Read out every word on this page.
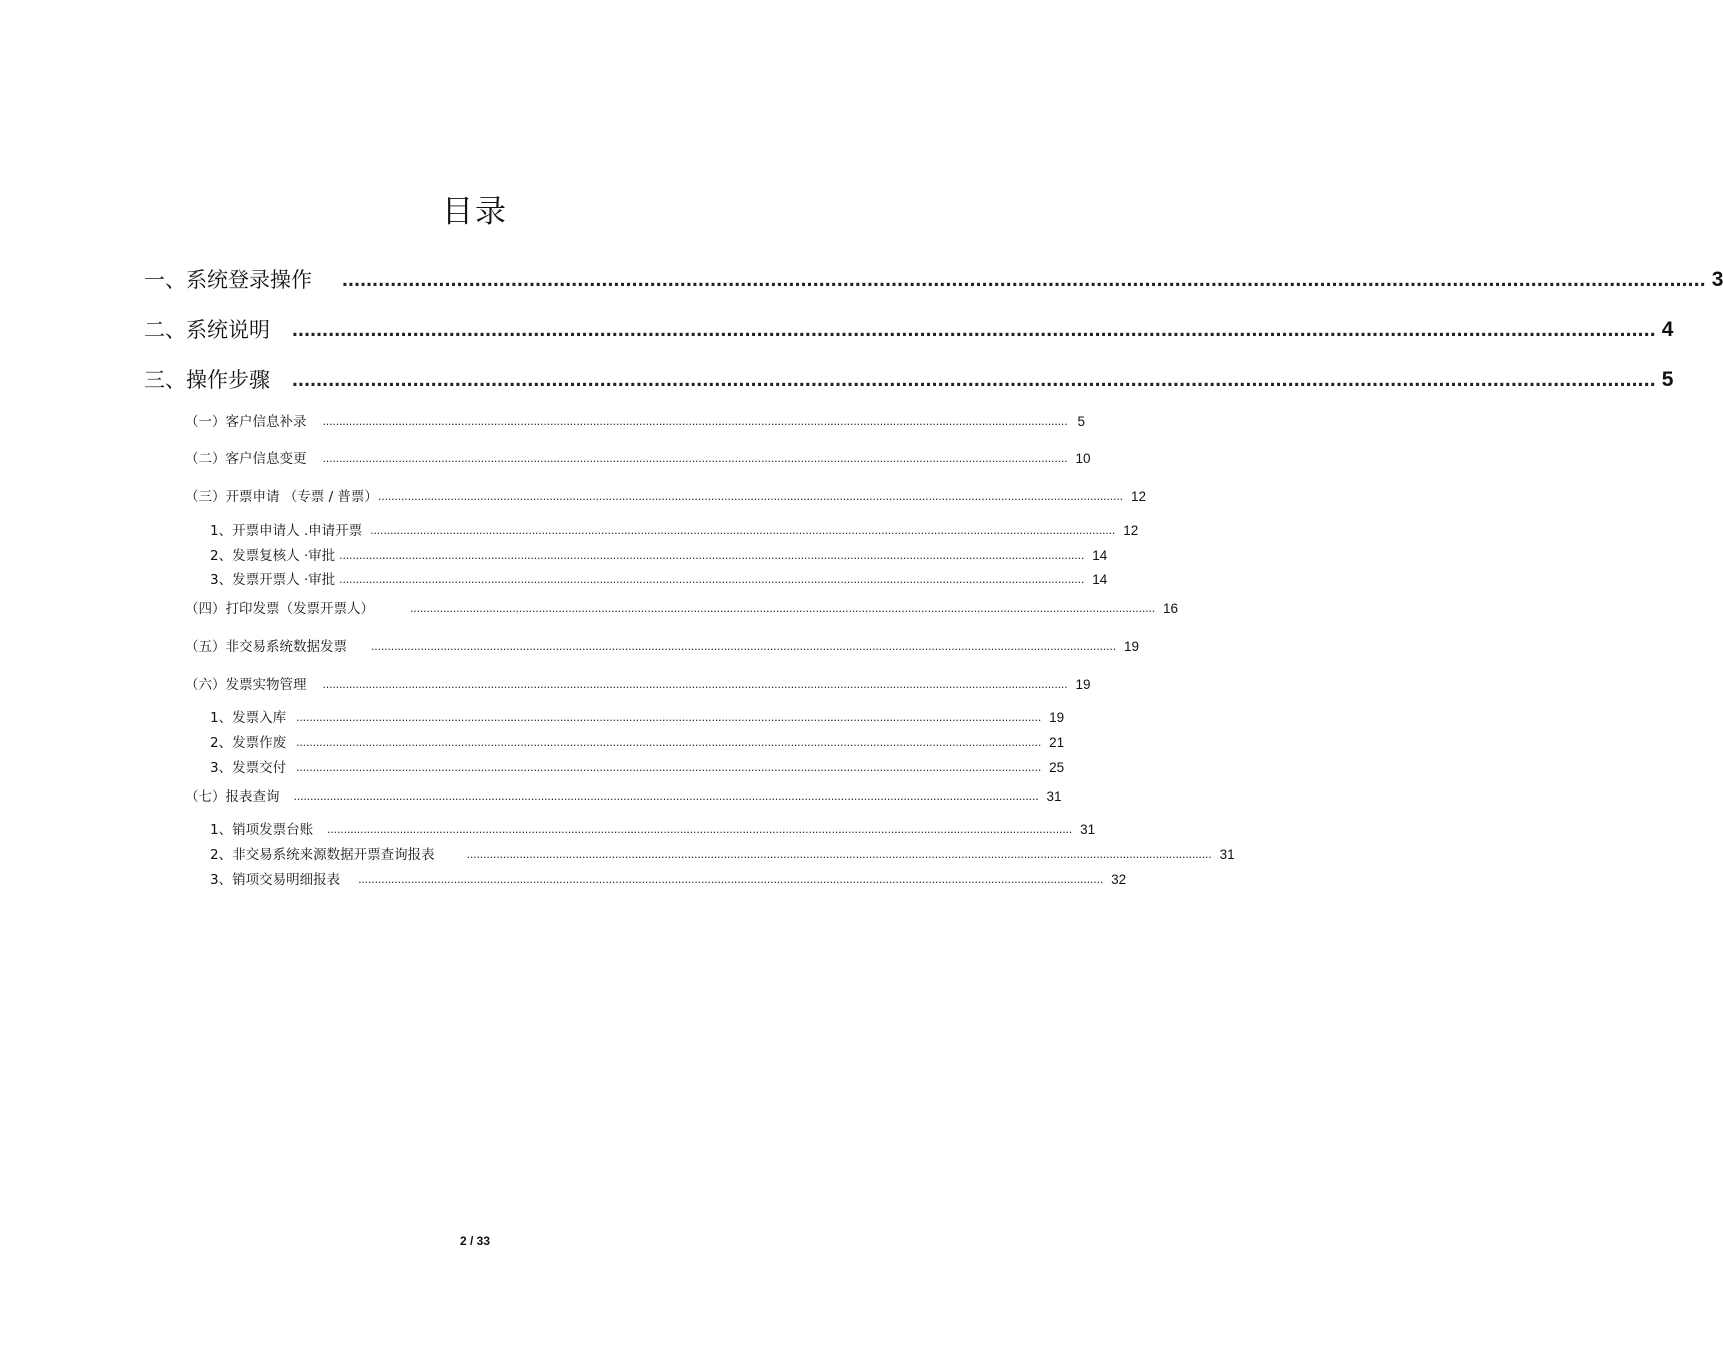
目录
一、系统登录操作 .................................................................................................................................................................................................................................. 3
二、系统说明 .................................................................................................................................................................................................................................. 4
三、操作步骤 .................................................................................................................................................................................................................................. 5
（一）客户信息补录 .................................................................................................................................................................................................................................. 5
（二）客户信息变更 .................................................................................................................................................................................................................................. 10
（三）开票申请 （专票 / 普票） .................................................................................................................................................................................................................................. 12
1、开票申请人 .申请开票 .................................................................................................................................................................................................................................. 12
2、发票复核人 ·审批 .................................................................................................................................................................................................................................. 14
3、发票开票人 ·审批 .................................................................................................................................................................................................................................. 14
（四）打印发票（发票开票人）	.................................................................................................................................................................................................................................. 16
（五）非交易系统数据发票 .................................................................................................................................................................................................................................. 19
（六）发票实物管理 .................................................................................................................................................................................................................................. 19
1、发票入库 .................................................................................................................................................................................................................................. 19
2、发票作废 .................................................................................................................................................................................................................................. 21
3、发票交付 .................................................................................................................................................................................................................................. 25
（七）报表查询 .................................................................................................................................................................................................................................. 31
1、销项发票台账 .................................................................................................................................................................................................................................. 31
2、非交易系统来源数据开票查询报表	.................................................................................................................................................................................................................................. 31
3、销项交易明细报表 .................................................................................................................................................................................................................................. 32
2 / 33
